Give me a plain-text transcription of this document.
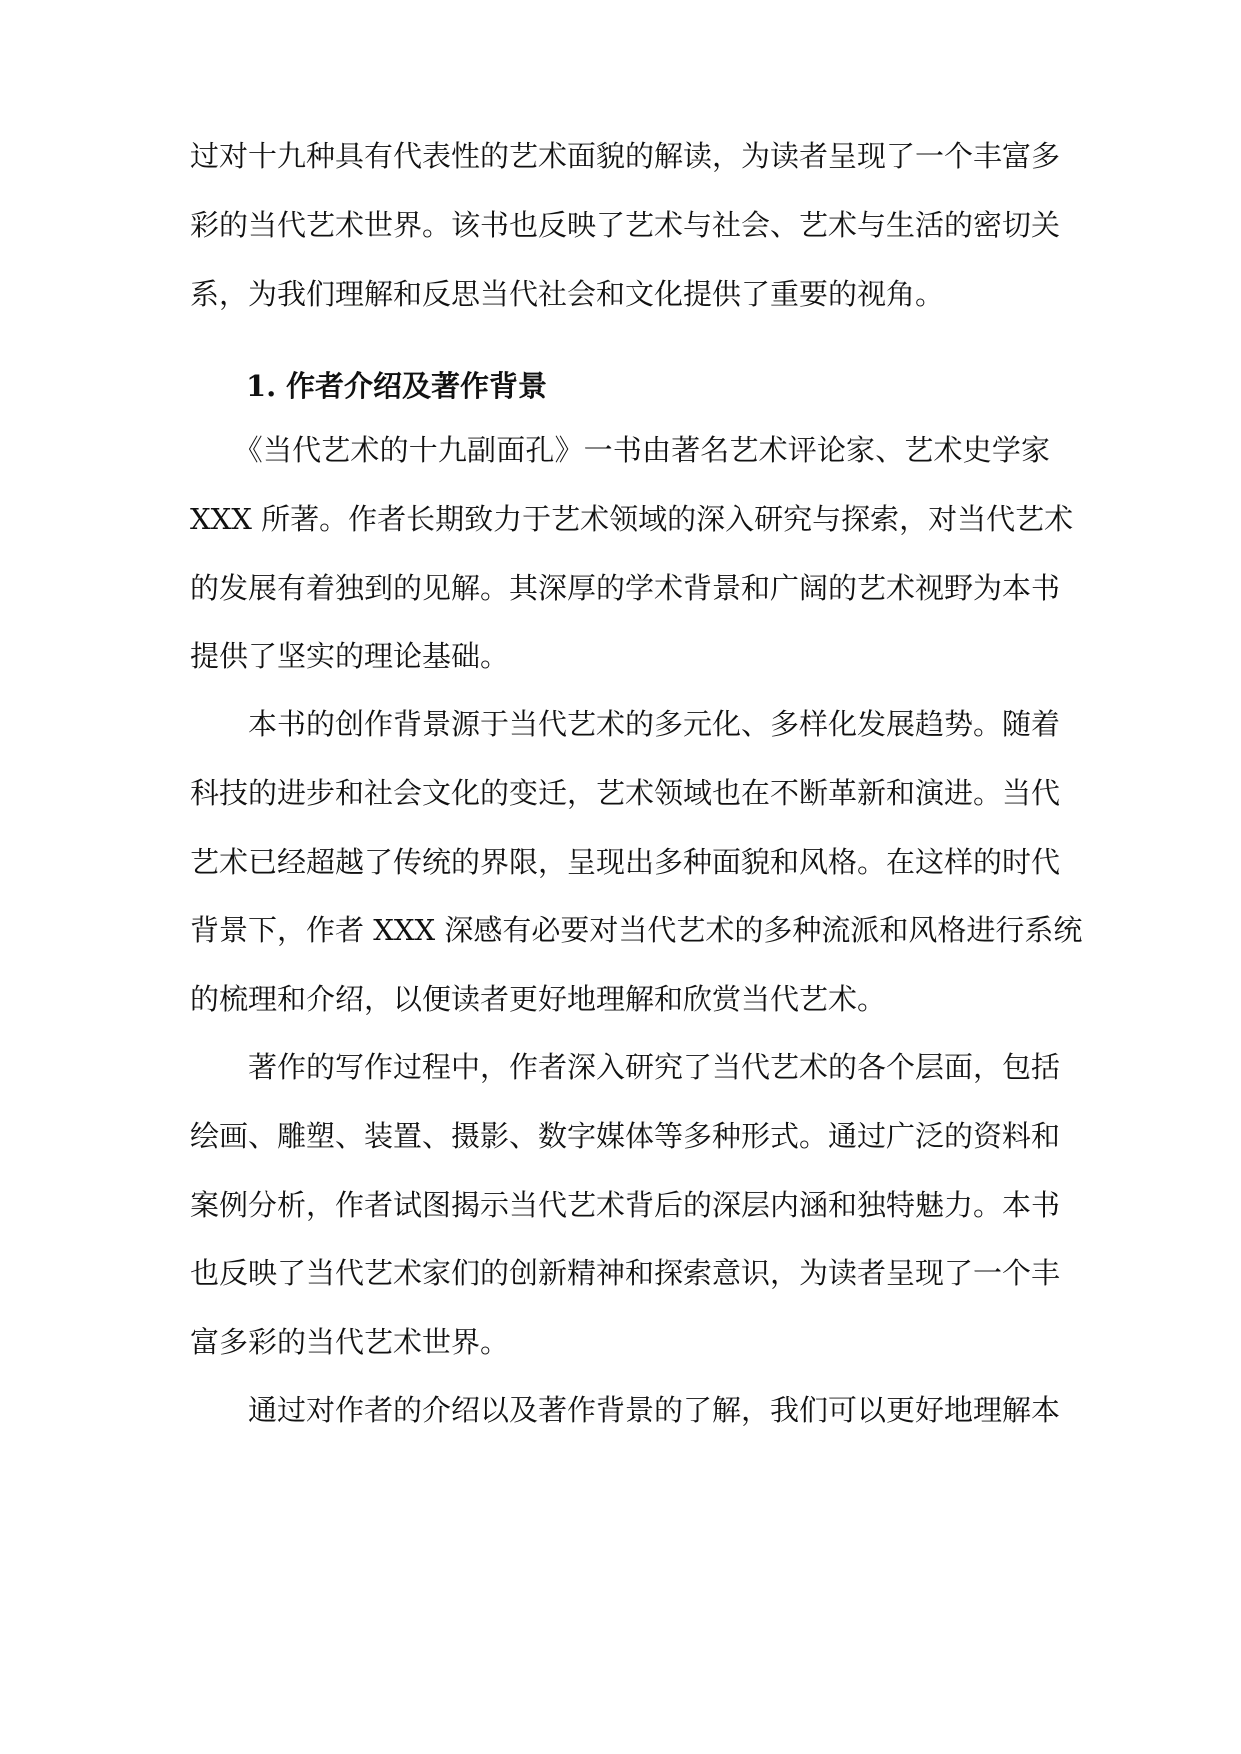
过对十九种具有代表性的艺术面貌的解读，为读者呈现了一个丰富多
彩的当代艺术世界。该书也反映了艺术与社会、艺术与生活的密切关
系，为我们理解和反思当代社会和文化提供了重要的视角。
1. 作者介绍及著作背景
　　《当代艺术的十九副面孔》一书由著名艺术评论家、艺术史学家
XXX 所著。作者长期致力于艺术领域的深入研究与探索，对当代艺术
的发展有着独到的见解。其深厚的学术背景和广阔的艺术视野为本书
提供了坚实的理论基础。
　　本书的创作背景源于当代艺术的多元化、多样化发展趋势。随着
科技的进步和社会文化的变迁，艺术领域也在不断革新和演进。当代
艺术已经超越了传统的界限，呈现出多种面貌和风格。在这样的时代
背景下，作者 XXX 深感有必要对当代艺术的多种流派和风格进行系统
的梳理和介绍，以便读者更好地理解和欣赏当代艺术。
　　著作的写作过程中，作者深入研究了当代艺术的各个层面，包括
绘画、雕塑、装置、摄影、数字媒体等多种形式。通过广泛的资料和
案例分析，作者试图揭示当代艺术背后的深层内涵和独特魅力。本书
也反映了当代艺术家们的创新精神和探索意识，为读者呈现了一个丰
富多彩的当代艺术世界。
　　通过对作者的介绍以及著作背景的了解，我们可以更好地理解本
